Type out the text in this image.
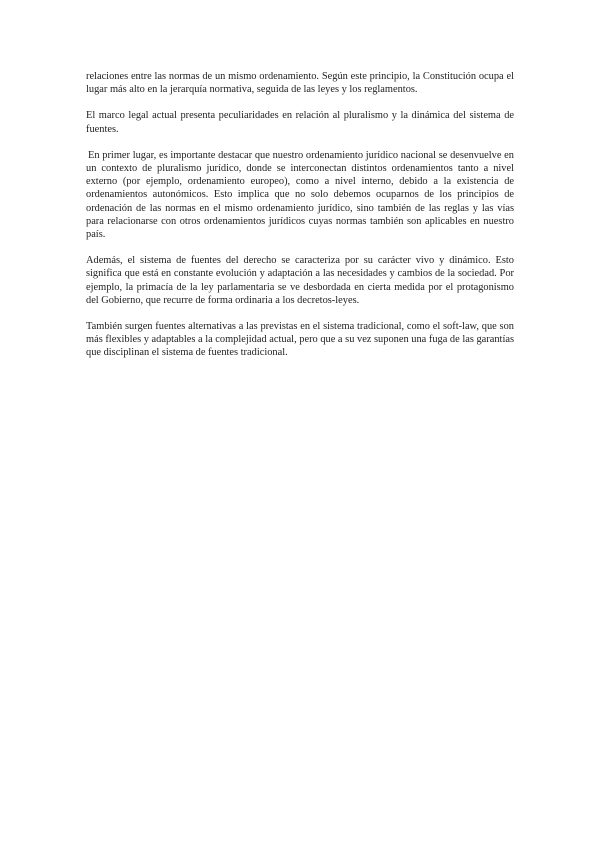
relaciones entre las normas de un mismo ordenamiento. Según este principio, la Constitución ocupa el lugar más alto en la jerarquía normativa, seguida de las leyes y los reglamentos.

El marco legal actual presenta peculiaridades en relación al pluralismo y la dinámica del sistema de fuentes.

En primer lugar, es importante destacar que nuestro ordenamiento jurídico nacional se desenvuelve en un contexto de pluralismo jurídico, donde se interconectan distintos ordenamientos tanto a nivel externo (por ejemplo, ordenamiento europeo), como a nivel interno, debido a la existencia de ordenamientos autonómicos. Esto implica que no solo debemos ocuparnos de los principios de ordenación de las normas en el mismo ordenamiento jurídico, sino también de las reglas y las vías para relacionarse con otros ordenamientos jurídicos cuyas normas también son aplicables en nuestro país.

Además, el sistema de fuentes del derecho se caracteriza por su carácter vivo y dinámico. Esto significa que está en constante evolución y adaptación a las necesidades y cambios de la sociedad. Por ejemplo, la primacía de la ley parlamentaria se ve desbordada en cierta medida por el protagonismo del Gobierno, que recurre de forma ordinaria a los decretos-leyes.

También surgen fuentes alternativas a las previstas en el sistema tradicional, como el soft-law, que son más flexibles y adaptables a la complejidad actual, pero que a su vez suponen una fuga de las garantías que disciplinan el sistema de fuentes tradicional.
